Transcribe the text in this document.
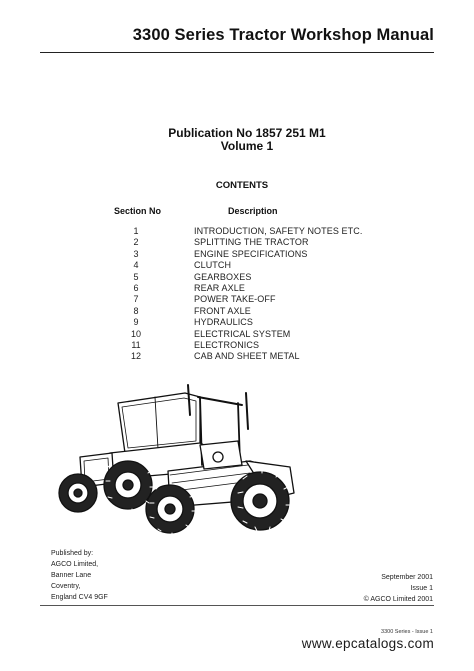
3300 Series Tractor Workshop Manual
Publication No 1857 251 M1
Volume 1
CONTENTS
Section No	Description
1	INTRODUCTION, SAFETY NOTES ETC.
2	SPLITTING THE TRACTOR
3	ENGINE SPECIFICATIONS
4	CLUTCH
5	GEARBOXES
6	REAR AXLE
7	POWER TAKE-OFF
8	FRONT AXLE
9	HYDRAULICS
10	ELECTRICAL SYSTEM
11	ELECTRONICS
12	CAB AND SHEET METAL
Published by:
AGCO Limited,
Banner Lane
Coventry,
England CV4 9GF
September 2001
Issue 1
© AGCO Limited 2001
3300 Series - Issue 1
www.epcatalogs.com
